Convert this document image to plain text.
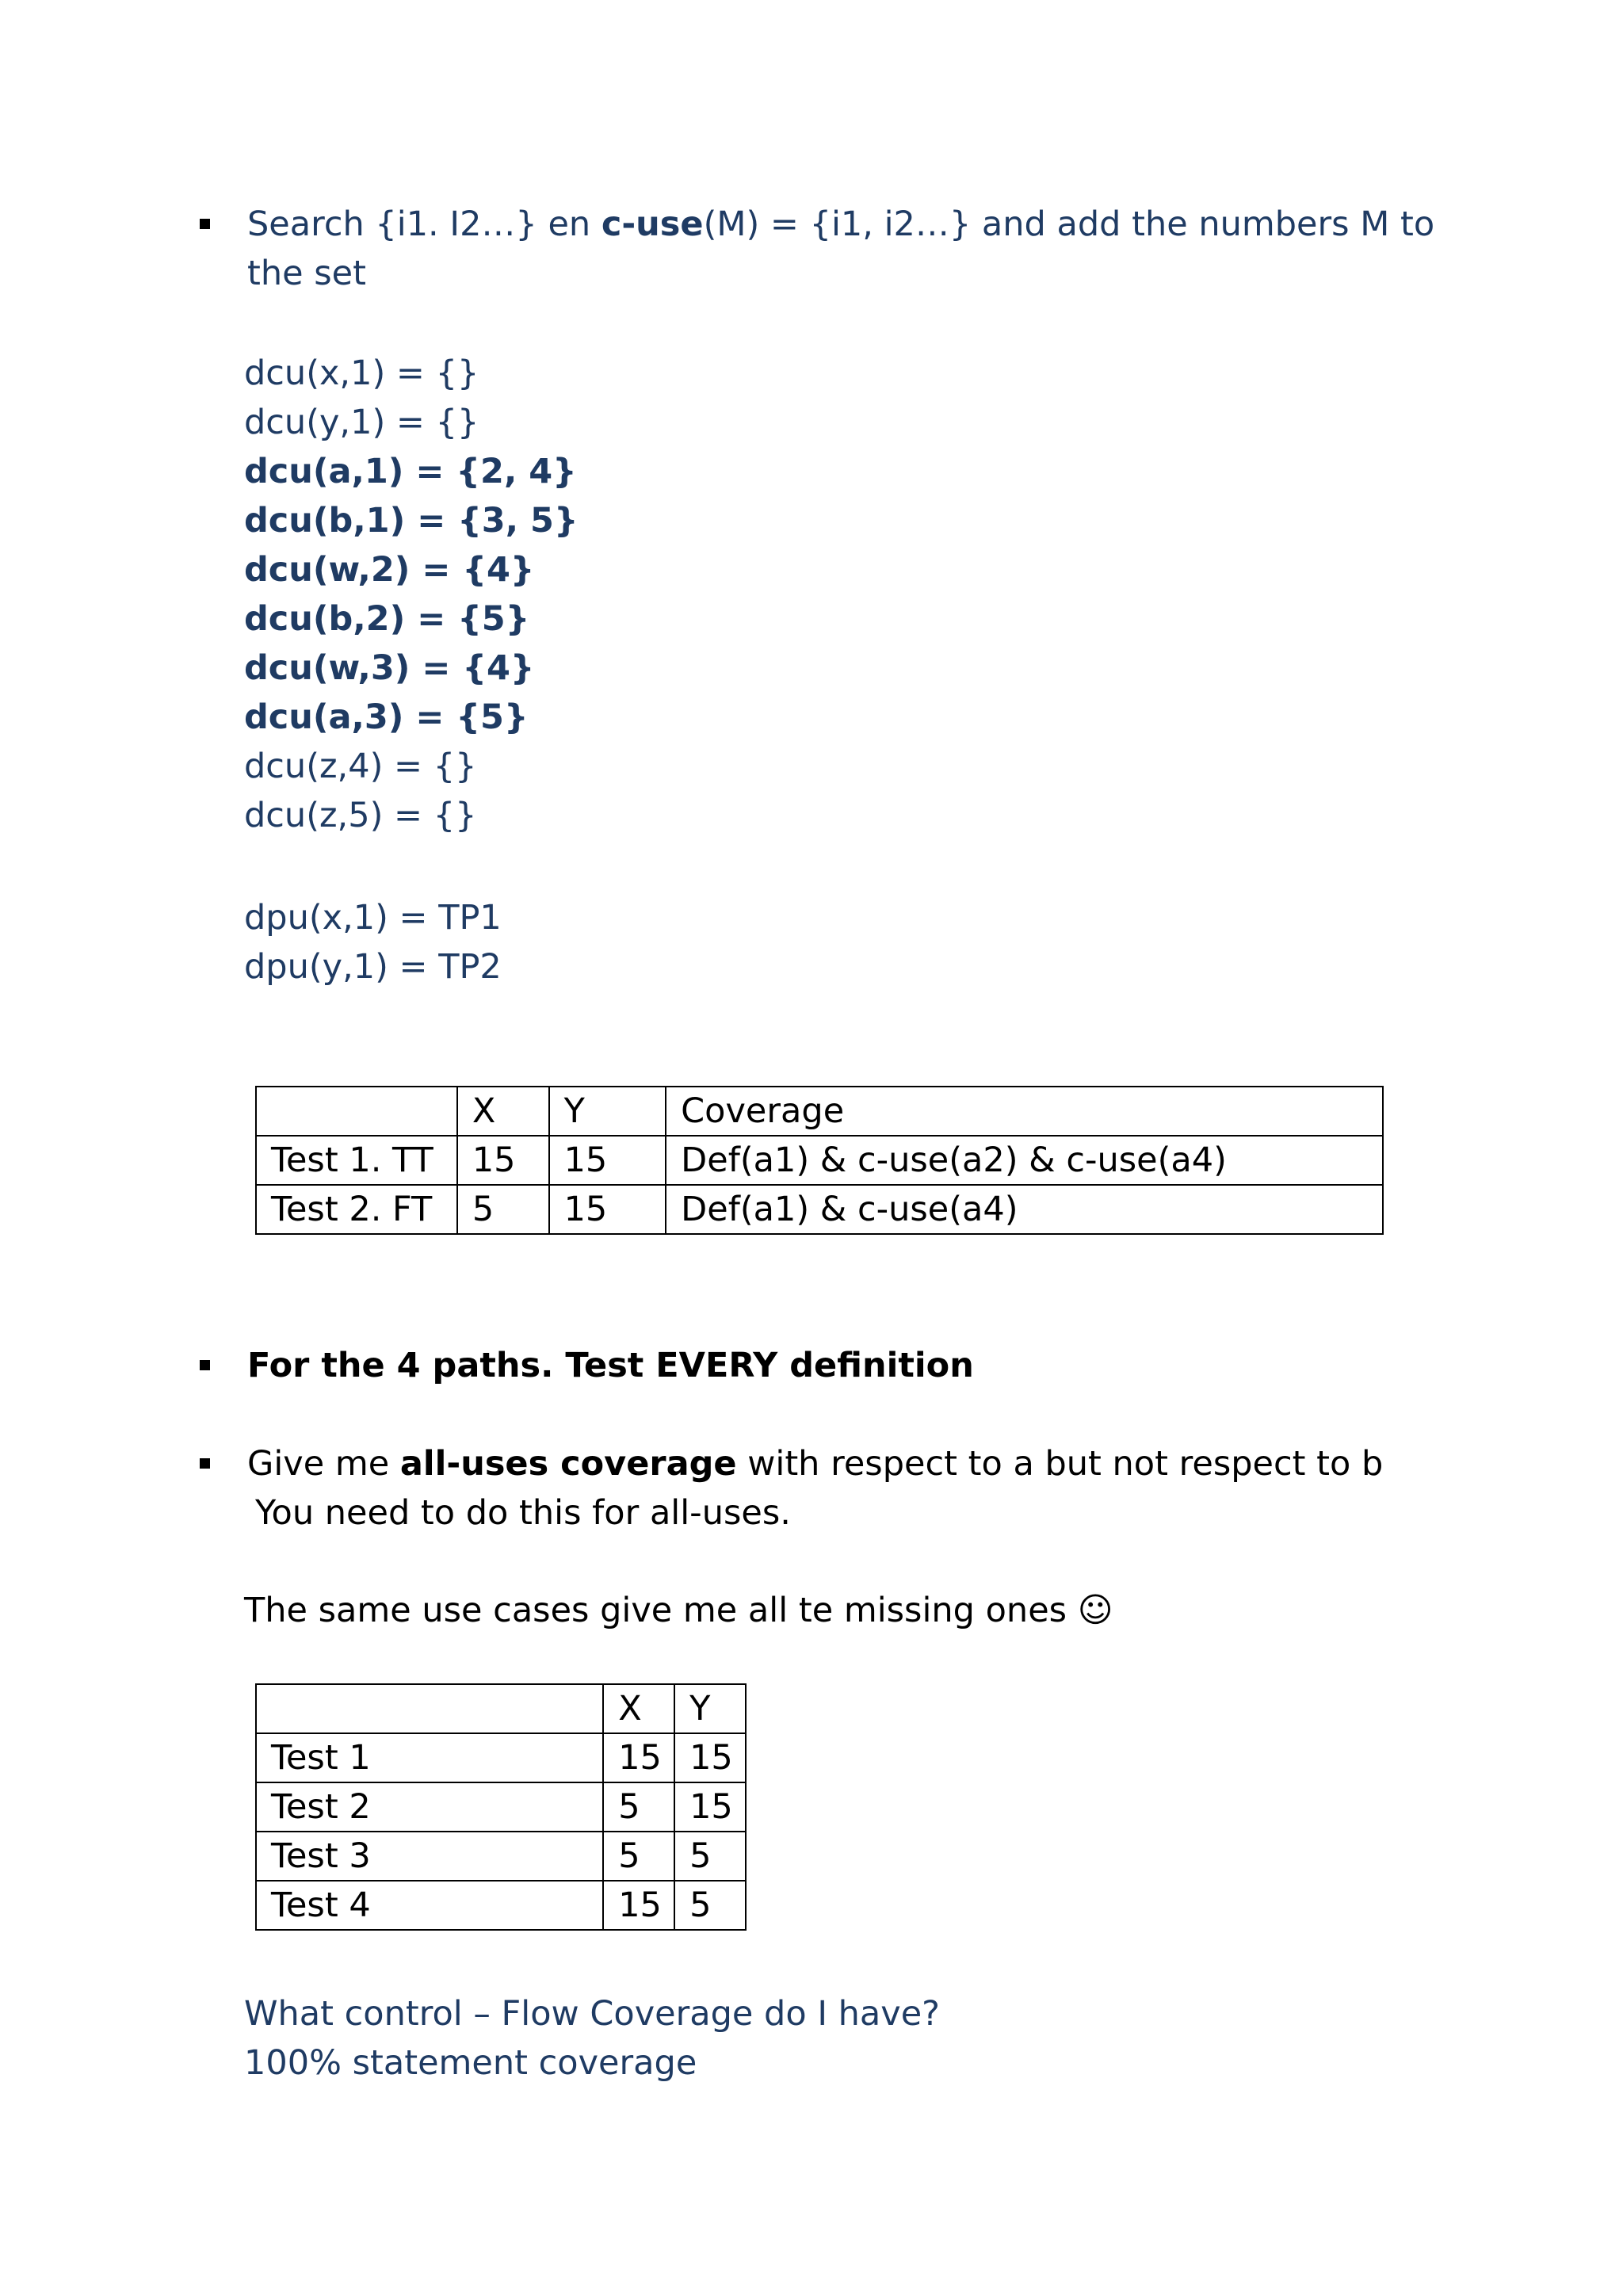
Search {i1. I2…} en c-use(M) = {i1, i2…} and add the numbers M to
the set
dcu(x,1) = {}
dcu(y,1) = {}
dcu(a,1) = {2, 4}
dcu(b,1) = {3, 5}
dcu(w,2) = {4}
dcu(b,2) = {5}
dcu(w,3) = {4}
dcu(a,3) = {5}
dcu(z,4) = {}
dcu(z,5) = {}
dpu(x,1) = TP1
dpu(y,1) = TP2
	X	Y	Coverage
Test 1. TT	15	15	Def(a1) & c-use(a2) & c-use(a4)
Test 2. FT	5	15	Def(a1) & c-use(a4)
For the 4 paths. Test EVERY definition
Give me all-uses coverage with respect to a but not respect to b
You need to do this for all-uses.
The same use cases give me all te missing ones ☺
	X	Y
Test 1	15	15
Test 2	5	15
Test 3	5	5
Test 4	15	5
What control – Flow Coverage do I have?
100% statement coverage
